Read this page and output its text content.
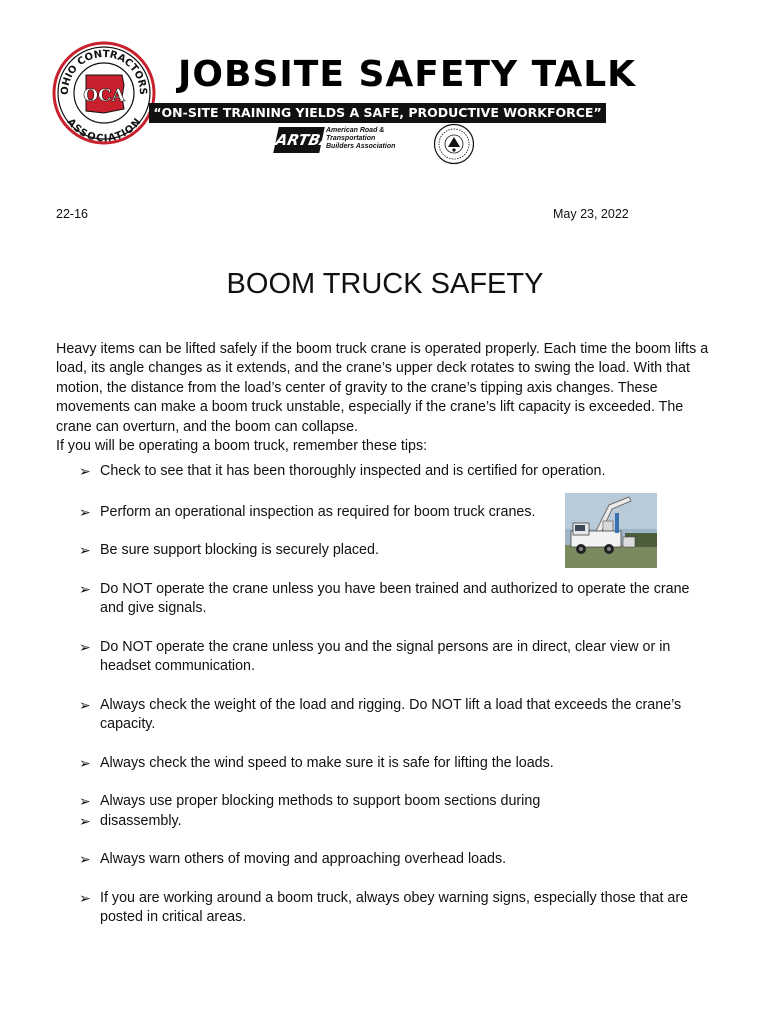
OHIO CONTRACTORS
ASSOCIATION
OCA
JOBSITE SAFETY TALK
“ON-SITE TRAINING YIELDS A SAFE, PRODUCTIVE WORKFORCE”
ARTBA
American Road & Transportation Builders Association
22-16	May 23, 2022
BOOM TRUCK SAFETY

Heavy items can be lifted safely if the boom truck crane is operated properly. Each time the boom lifts a load, its angle changes as it extends, and the crane’s upper deck rotates to swing the load. With that motion, the distance from the load’s center of gravity to the crane’s tipping axis changes. These movements can make a boom truck unstable, especially if the crane’s lift capacity is exceeded. The crane can overturn, and the boom can collapse.

If you will be operating a boom truck, remember these tips:

➢ Check to see that it has been thoroughly inspected and is certified for operation.
➢ Perform an operational inspection as required for boom truck cranes.
➢ Be sure support blocking is securely placed.
➢ Do NOT operate the crane unless you have been trained and authorized to operate the crane and give signals.
➢ Do NOT operate the crane unless you and the signal persons are in direct, clear view or in headset communication.
➢ Always check the weight of the load and rigging. Do NOT lift a load that exceeds the crane’s capacity.
➢ Always check the wind speed to make sure it is safe for lifting the loads.
➢ Always use proper blocking methods to support boom sections during
➢ disassembly.
➢ Always warn others of moving and approaching overhead loads.
➢ If you are working around a boom truck, always obey warning signs, especially those that are posted in critical areas.
